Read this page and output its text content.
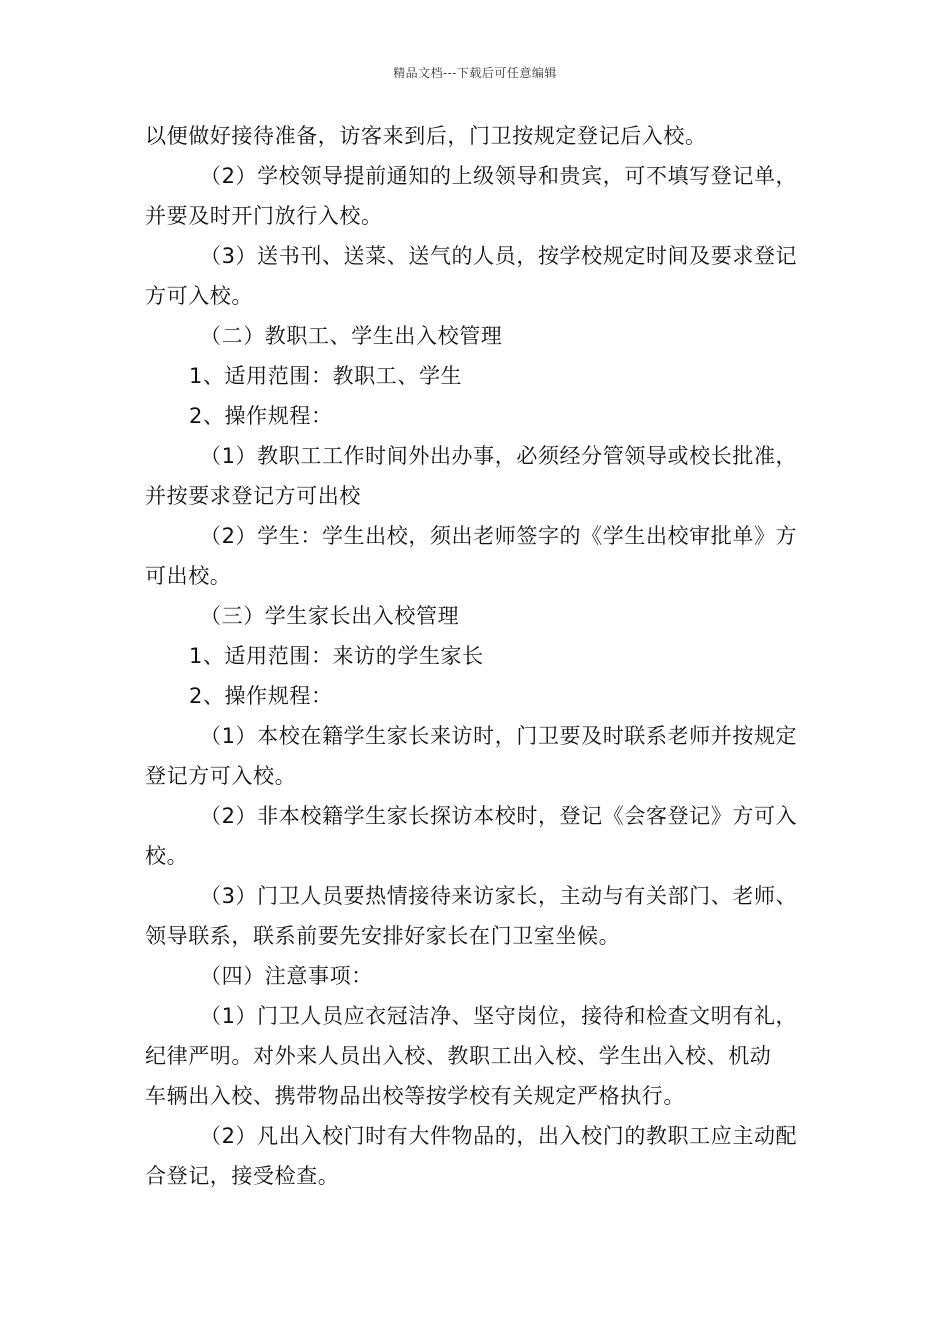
精品文档---下载后可任意编辑
以便做好接待准备，访客来到后，门卫按规定登记后入校。
（2）学校领导提前通知的上级领导和贵宾，可不填写登记单，
并要及时开门放行入校。
（3）送书刊、送菜、送气的人员，按学校规定时间及要求登记
方可入校。
（二）教职工、学生出入校管理
1、适用范围：教职工、学生
2、操作规程：
（1）教职工工作时间外出办事，必须经分管领导或校长批准，
并按要求登记方可出校
（2）学生：学生出校，须出老师签字的《学生出校审批单》方
可出校。
（三）学生家长出入校管理
1、适用范围：来访的学生家长
2、操作规程：
（1）本校在籍学生家长来访时，门卫要及时联系老师并按规定
登记方可入校。
（2）非本校籍学生家长探访本校时，登记《会客登记》方可入
校。
（3）门卫人员要热情接待来访家长，主动与有关部门、老师、
领导联系，联系前要先安排好家长在门卫室坐候。
（四）注意事项：
（1）门卫人员应衣冠洁净、坚守岗位，接待和检查文明有礼，
纪律严明。对外来人员出入校、教职工出入校、学生出入校、机动
车辆出入校、携带物品出校等按学校有关规定严格执行。
（2）凡出入校门时有大件物品的，出入校门的教职工应主动配
合登记，接受检查。
